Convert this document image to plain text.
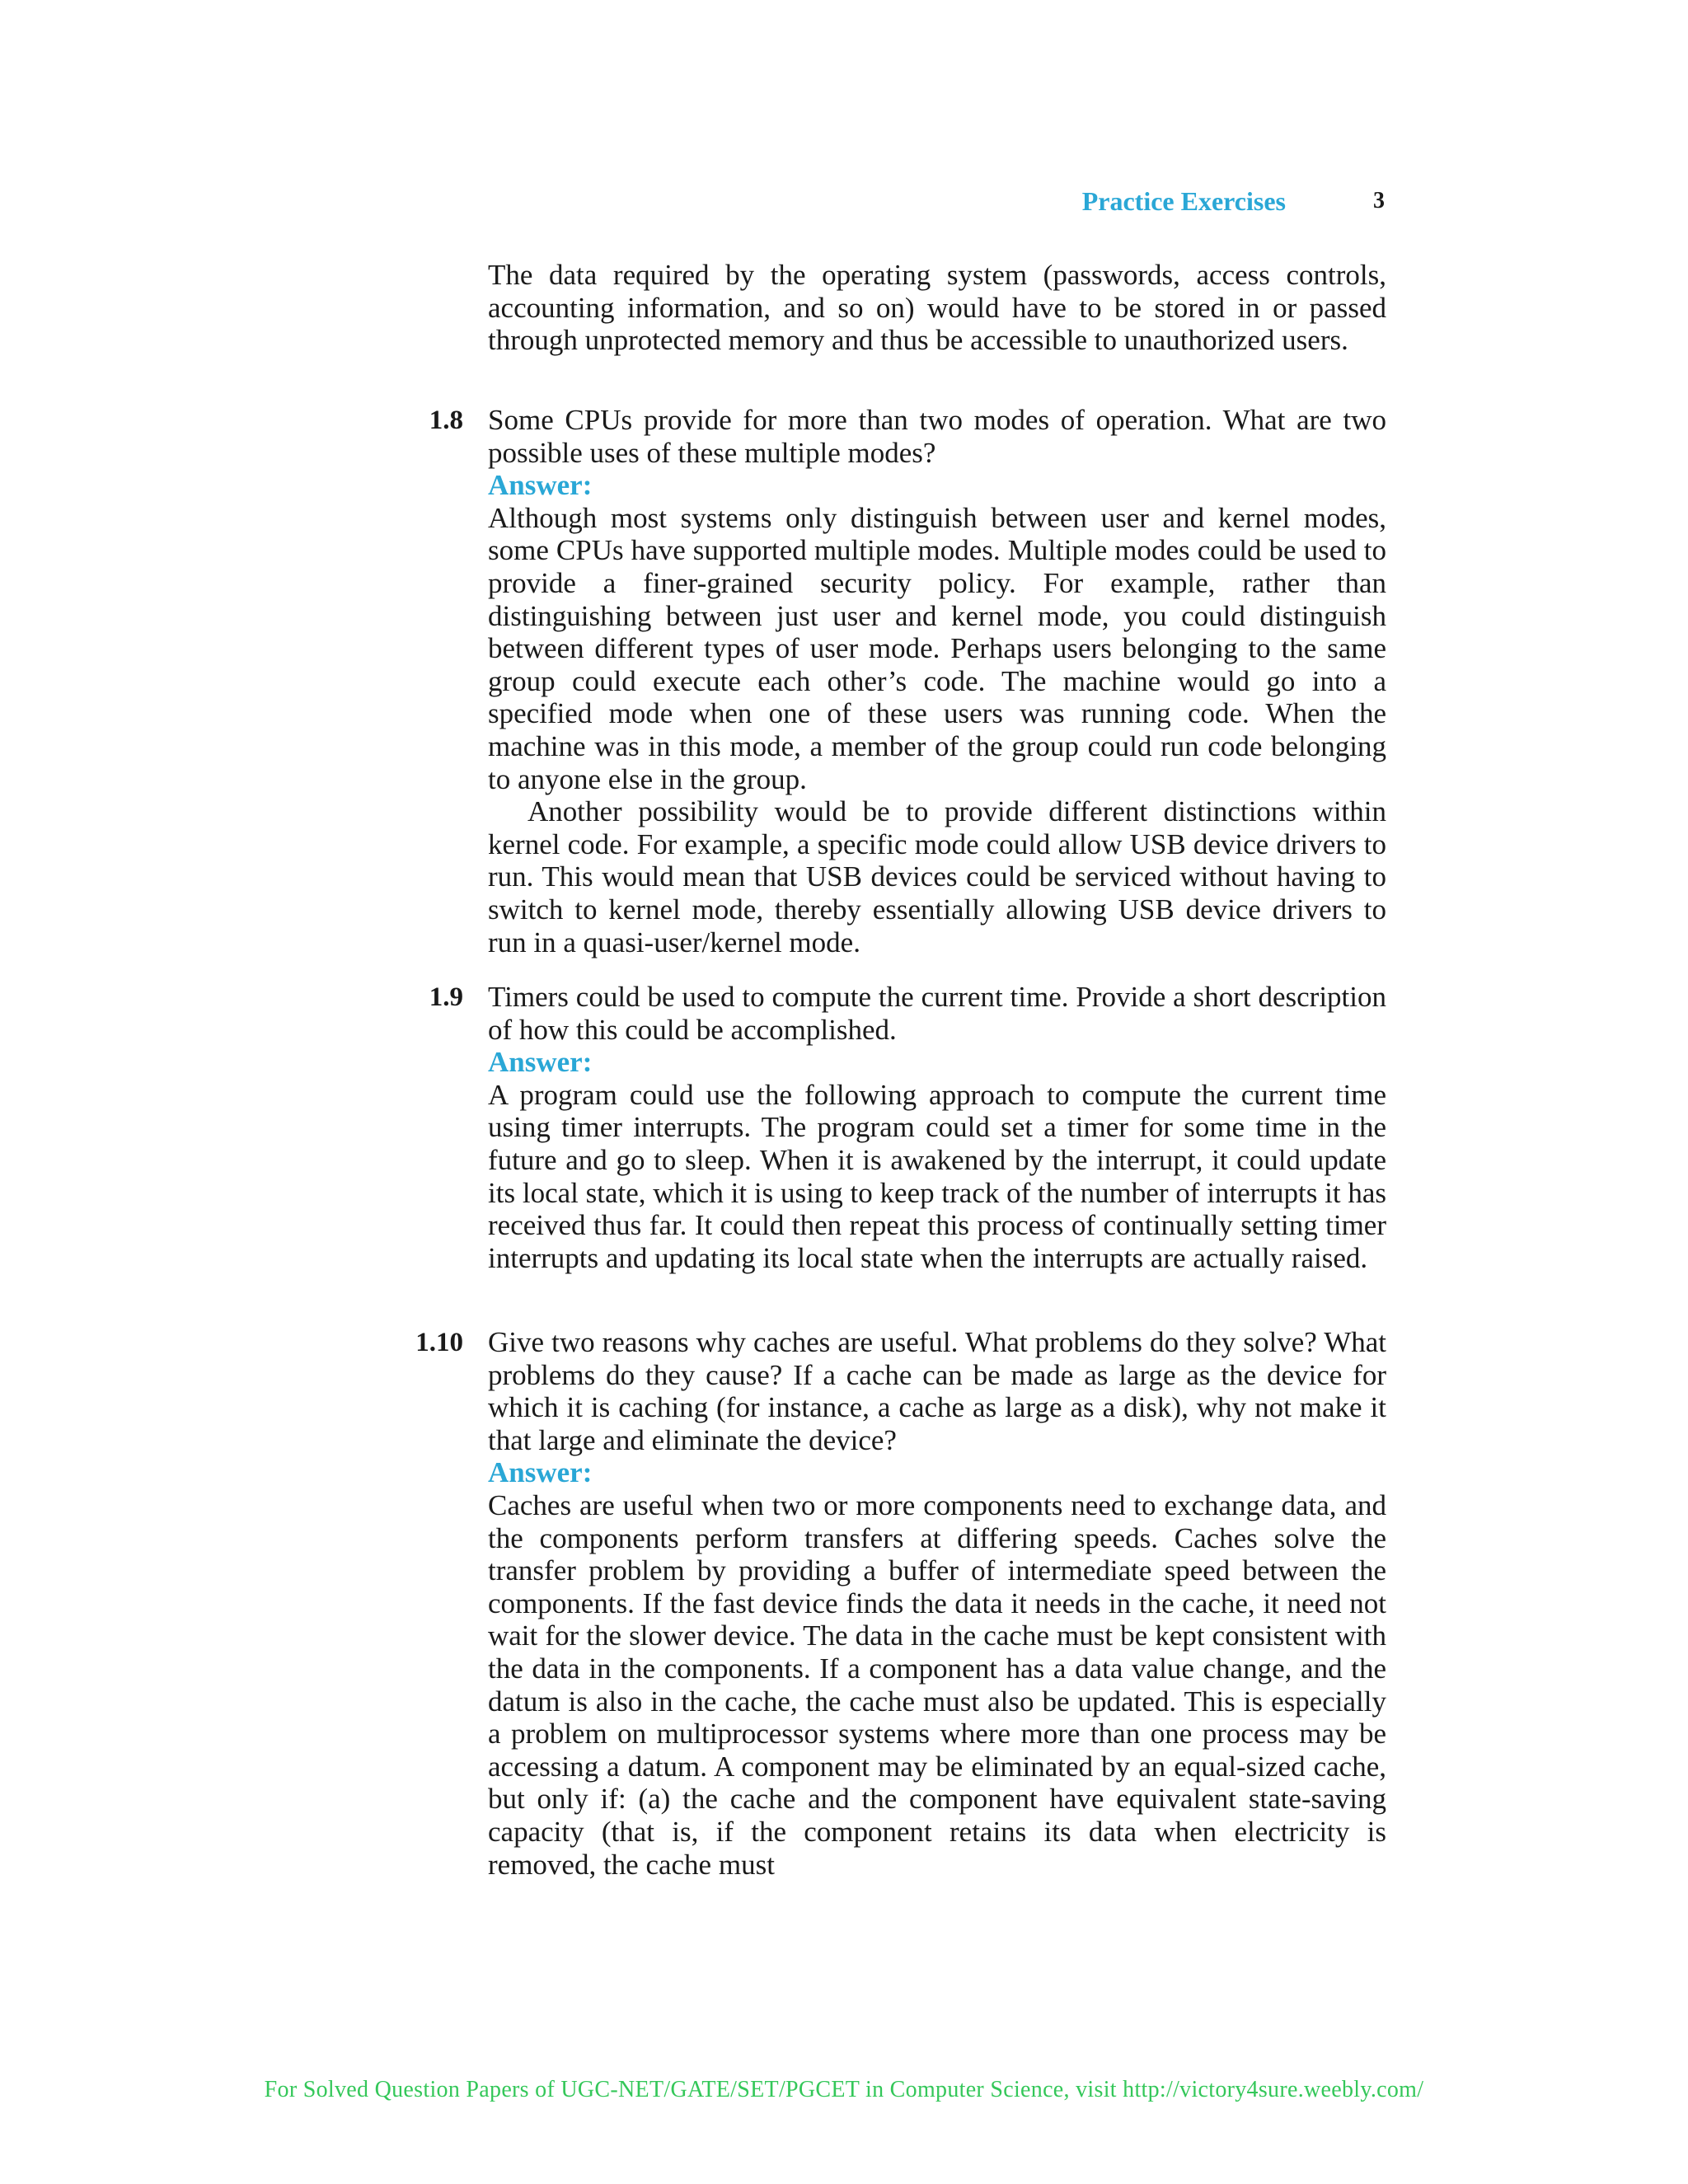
Practice Exercises	3

The data required by the operating system (passwords, access controls, accounting information, and so on) would have to be stored in or passed through unprotected memory and thus be accessible to unauthorized users.

1.8 Some CPUs provide for more than two modes of operation. What are two possible uses of these multiple modes?

Answer:

Although most systems only distinguish between user and kernel modes, some CPUs have supported multiple modes. Multiple modes could be used to provide a finer-grained security policy. For example, rather than distinguishing between just user and kernel mode, you could distinguish between different types of user mode. Perhaps users belonging to the same group could execute each other’s code. The machine would go into a specified mode when one of these users was running code. When the machine was in this mode, a member of the group could run code belonging to anyone else in the group.

Another possibility would be to provide different distinctions within kernel code. For example, a specific mode could allow USB device drivers to run. This would mean that USB devices could be serviced without having to switch to kernel mode, thereby essentially allowing USB device drivers to run in a quasi-user/kernel mode.

1.9 Timers could be used to compute the current time. Provide a short description of how this could be accomplished.

Answer:

A program could use the following approach to compute the current time using timer interrupts. The program could set a timer for some time in the future and go to sleep. When it is awakened by the interrupt, it could update its local state, which it is using to keep track of the number of interrupts it has received thus far. It could then repeat this process of continually setting timer interrupts and updating its local state when the interrupts are actually raised.

1.10 Give two reasons why caches are useful. What problems do they solve? What problems do they cause? If a cache can be made as large as the device for which it is caching (for instance, a cache as large as a disk), why not make it that large and eliminate the device?

Answer:

Caches are useful when two or more components need to exchange data, and the components perform transfers at differing speeds. Caches solve the transfer problem by providing a buffer of intermediate speed between the components. If the fast device finds the data it needs in the cache, it need not wait for the slower device. The data in the cache must be kept consistent with the data in the components. If a component has a data value change, and the datum is also in the cache, the cache must also be updated. This is especially a problem on multiprocessor systems where more than one process may be accessing a datum. A component may be eliminated by an equal-sized cache, but only if: (a) the cache and the component have equivalent state-saving capacity (that is, if the component retains its data when electricity is removed, the cache must

For Solved Question Papers of UGC-NET/GATE/SET/PGCET in Computer Science, visit http://victory4sure.weebly.com/
